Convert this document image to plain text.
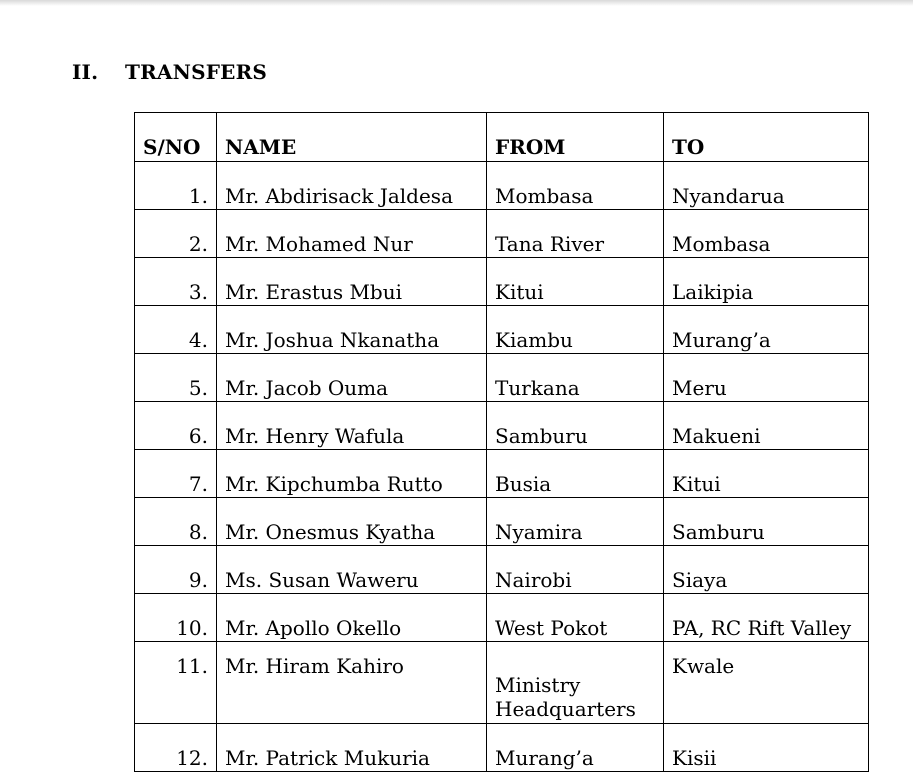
II. TRANSFERS
S/NO	NAME	FROM	TO
1.	Mr. Abdirisack Jaldesa	Mombasa	Nyandarua
2.	Mr. Mohamed Nur	Tana River	Mombasa
3.	Mr. Erastus Mbui	Kitui	Laikipia
4.	Mr. Joshua Nkanatha	Kiambu	Murang’a
5.	Mr. Jacob Ouma	Turkana	Meru
6.	Mr. Henry Wafula	Samburu	Makueni
7.	Mr. Kipchumba Rutto	Busia	Kitui
8.	Mr. Onesmus Kyatha	Nyamira	Samburu
9.	Ms. Susan Waweru	Nairobi	Siaya
10.	Mr. Apollo Okello	West Pokot	PA, RC Rift Valley
11.	Mr. Hiram Kahiro	Ministry Headquarters	Kwale
12.	Mr. Patrick Mukuria	Murang’a	Kisii
